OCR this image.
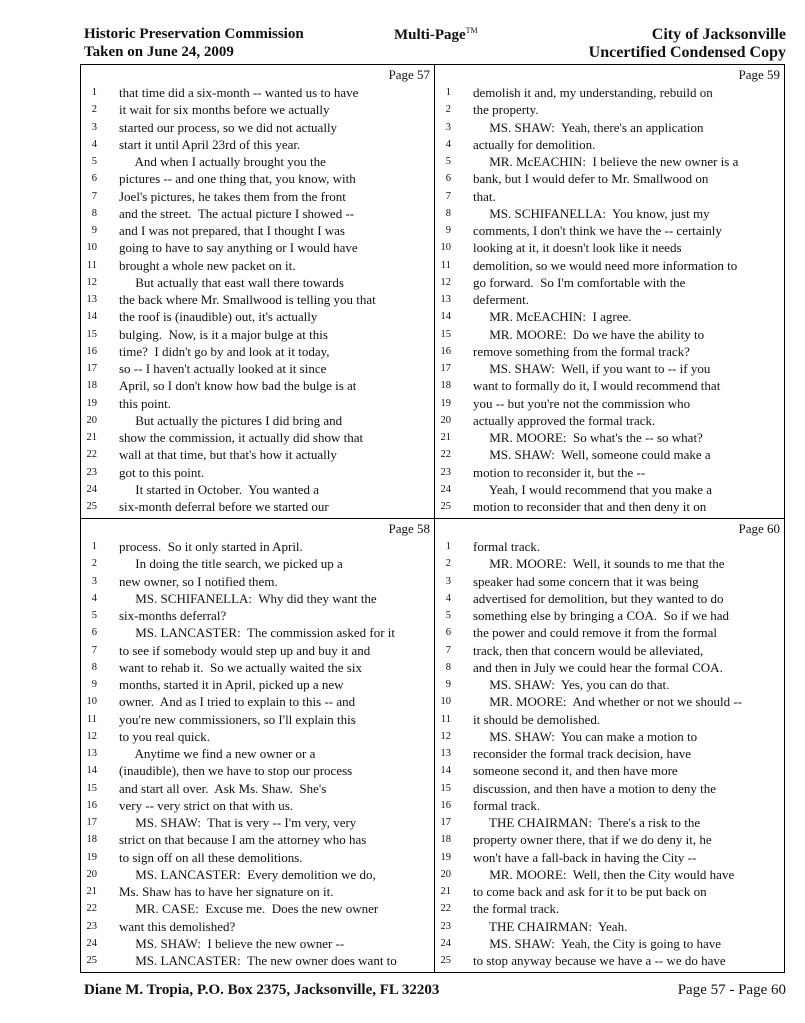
Historic Preservation Commission
Taken on June 24, 2009
Multi-Page™	City of Jacksonville
Uncertified Condensed Copy
Page 57
1 that time did a six-month -- wanted us to have
2 it wait for six months before we actually
3 started our process, so we did not actually
4 start it until April 23rd of this year.
5 And when I actually brought you the
6 pictures -- and one thing that, you know, with
7 Joel's pictures, he takes them from the front
8 and the street.  The actual picture I showed --
9 and I was not prepared, that I thought I was
10 going to have to say anything or I would have
11 brought a whole new packet on it.
12 But actually that east wall there towards
13 the back where Mr. Smallwood is telling you that
14 the roof is (inaudible) out, it's actually
15 bulging.  Now, is it a major bulge at this
16 time?  I didn't go by and look at it today,
17 so -- I haven't actually looked at it since
18 April, so I don't know how bad the bulge is at
19 this point.
20 But actually the pictures I did bring and
21 show the commission, it actually did show that
22 wall at that time, but that's how it actually
23 got to this point.
24 It started in October.  You wanted a
25 six-month deferral before we started our
Page 59
1 demolish it and, my understanding, rebuild on
2 the property.
3 MS. SHAW:  Yeah, there's an application
4 actually for demolition.
5 MR. McEACHIN:  I believe the new owner is a
6 bank, but I would defer to Mr. Smallwood on
7 that.
8 MS. SCHIFANELLA:  You know, just my
9 comments, I don't think we have the -- certainly
10 looking at it, it doesn't look like it needs
11 demolition, so we would need more information to
12 go forward.  So I'm comfortable with the
13 deferment.
14 MR. McEACHIN:  I agree.
15 MR. MOORE:  Do we have the ability to
16 remove something from the formal track?
17 MS. SHAW:  Well, if you want to -- if you
18 want to formally do it, I would recommend that
19 you -- but you're not the commission who
20 actually approved the formal track.
21 MR. MOORE:  So what's the -- so what?
22 MS. SHAW:  Well, someone could make a
23 motion to reconsider it, but the --
24 Yeah, I would recommend that you make a
25 motion to reconsider that and then deny it on
Page 58
1 process.  So it only started in April.
2 In doing the title search, we picked up a
3 new owner, so I notified them.
4 MS. SCHIFANELLA:  Why did they want the
5 six-months deferral?
6 MS. LANCASTER:  The commission asked for it
7 to see if somebody would step up and buy it and
8 want to rehab it.  So we actually waited the six
9 months, started it in April, picked up a new
10 owner.  And as I tried to explain to this -- and
11 you're new commissioners, so I'll explain this
12 to you real quick.
13 Anytime we find a new owner or a
14 (inaudible), then we have to stop our process
15 and start all over.  Ask Ms. Shaw.  She's
16 very -- very strict on that with us.
17 MS. SHAW:  That is very -- I'm very, very
18 strict on that because I am the attorney who has
19 to sign off on all these demolitions.
20 MS. LANCASTER:  Every demolition we do,
21 Ms. Shaw has to have her signature on it.
22 MR. CASE:  Excuse me.  Does the new owner
23 want this demolished?
24 MS. SHAW:  I believe the new owner --
25 MS. LANCASTER:  The new owner does want to
Page 60
1 formal track.
2 MR. MOORE:  Well, it sounds to me that the
3 speaker had some concern that it was being
4 advertised for demolition, but they wanted to do
5 something else by bringing a COA.  So if we had
6 the power and could remove it from the formal
7 track, then that concern would be alleviated,
8 and then in July we could hear the formal COA.
9 MS. SHAW:  Yes, you can do that.
10 MR. MOORE:  And whether or not we should --
11 it should be demolished.
12 MS. SHAW:  You can make a motion to
13 reconsider the formal track decision, have
14 someone second it, and then have more
15 discussion, and then have a motion to deny the
16 formal track.
17 THE CHAIRMAN:  There's a risk to the
18 property owner there, that if we do deny it, he
19 won't have a fall-back in having the City --
20 MR. MOORE:  Well, then the City would have
21 to come back and ask for it to be put back on
22 the formal track.
23 THE CHAIRMAN:  Yeah.
24 MS. SHAW:  Yeah, the City is going to have
25 to stop anyway because we have a -- we do have
Diane M. Tropia, P.O. Box 2375, Jacksonville, FL 32203	Page 57 - Page 60
